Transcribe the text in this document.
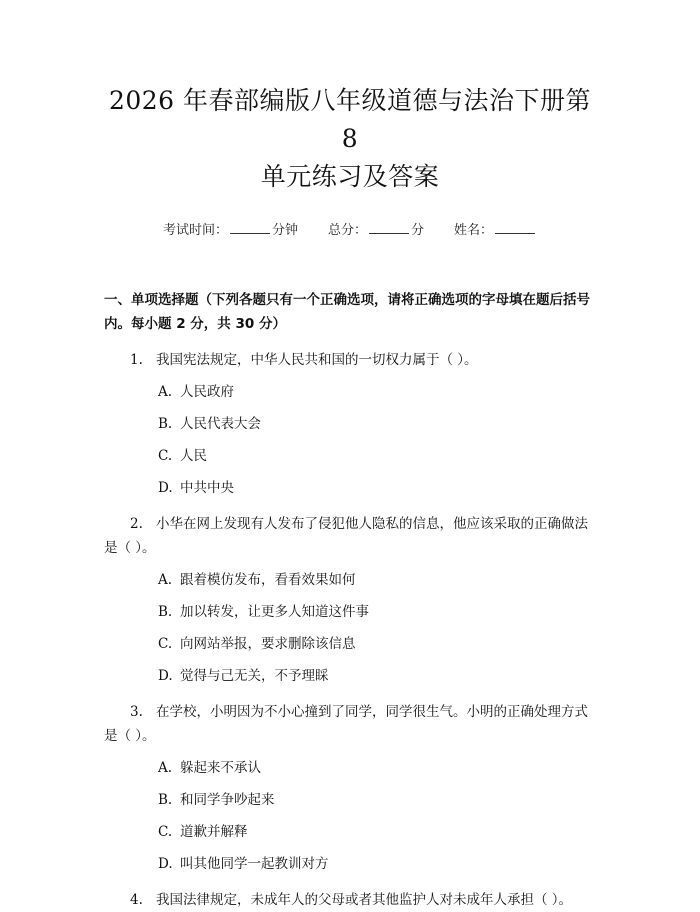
2026 年春部编版八年级道德与法治下册第 8
单元练习及答案
考试时间：	分钟 总分：	分 姓名：
一、单项选择题（下列各题只有一个正确选项，请将正确选项的字母填在题后括号内。每小题 2 分，共 30 分）
1. 我国宪法规定，中华人民共和国的一切权力属于（ ）。
A. 人民政府
B. 人民代表大会
C. 人民
D. 中共中央
2. 小华在网上发现有人发布了侵犯他人隐私的信息，他应该采取的正确做法是（ ）。
A. 跟着模仿发布，看看效果如何
B. 加以转发，让更多人知道这件事
C. 向网站举报，要求删除该信息
D. 觉得与己无关，不予理睬
3. 在学校，小明因为不小心撞到了同学，同学很生气。小明的正确处理方式是（ ）。
A. 躲起来不承认
B. 和同学争吵起来
C. 道歉并解释
D. 叫其他同学一起教训对方
4. 我国法律规定，未成年人的父母或者其他监护人对未成年人承担（ ）。
